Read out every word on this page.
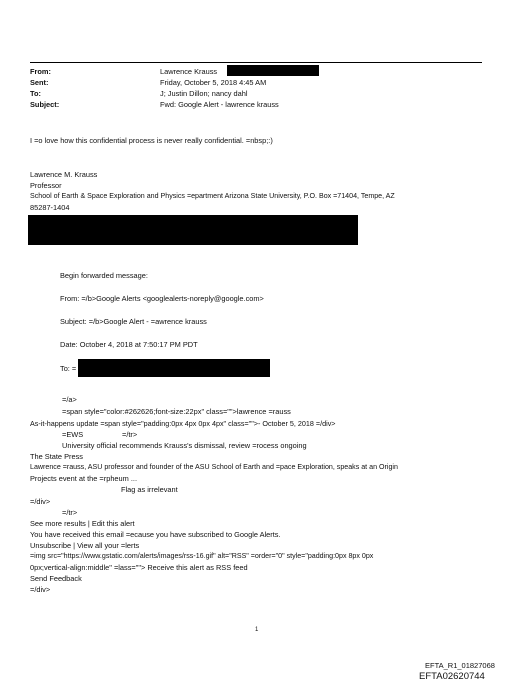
From:
Sent:
To:
Subject:
Lawrence Krauss
Friday, October 5, 2018 4:45 AM
J; Justin Dillon; nancy dahl
Fwd: Google Alert - lawrence krauss
I =o love how this confidential process is never really confidential. =nbsp;:)
Lawrence M. Krauss
Professor
School of Earth & Space Exploration and Physics =epartment Arizona State University, P.O. Box =71404, Tempe, AZ
85287-1404
Begin forwarded message:
From: =/b>Google Alerts <googlealerts-noreply@google.com>
Subject: =/b>Google Alert - =awrence krauss
Date: October 4, 2018 at 7:50:17 PM PDT
To: =
=/a>
=span style="color:#262626;font-size:22px" class="">lawrence =rauss
As-it-happens update =span style="padding:0px 4px 0px 4px" class="">- October 5, 2018 =/div>
=EWS	=/tr>
University official recommends Krauss's dismissal, review =rocess ongoing
The State Press
Lawrence =rauss, ASU professor and founder of the ASU School of Earth and =pace Exploration, speaks at an Origin
Projects event at the =rpheum ...
Flag as irrelevant
=/div>
=/tr>
See more results | Edit this alert
You have received this email =ecause you have subscribed to Google Alerts.
Unsubscribe | View all your =lerts
=img src="https://www.gstatic.com/alerts/images/rss-16.gif" alt="RSS" =order="0" style="padding:0px 8px 0px
0px;vertical-align:middle" =lass=""> Receive this alert as RSS feed
Send Feedback
=/div>
1
EFTA_R1_01827068
EFTA02620744
